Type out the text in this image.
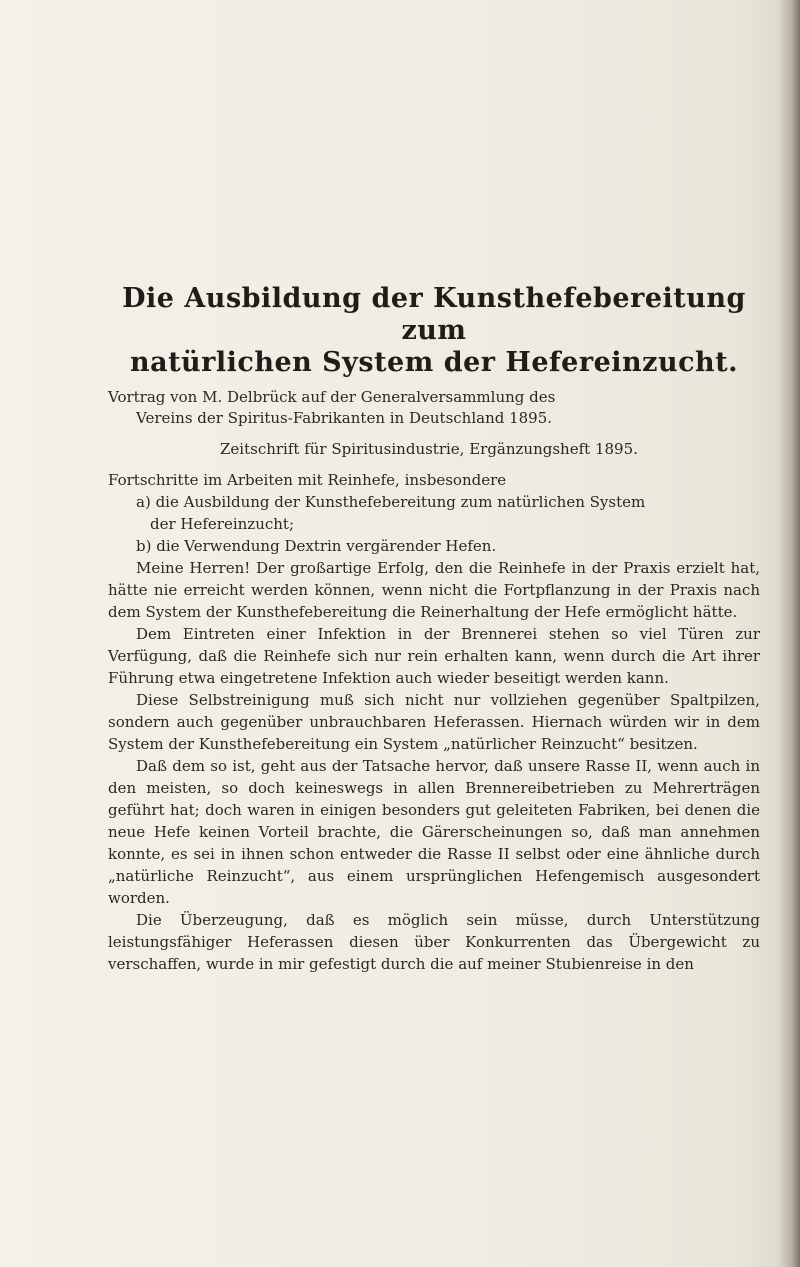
Die Ausbildung der Kunsthefebereitung zum
natürlichen System der Hefereinzucht.
Vortrag von M. Delbrück auf der Generalversammlung des
Vereins der Spiritus-Fabrikanten in Deutschland 1895.
Zeitschrift für Spiritusindustrie, Ergänzungsheft 1895.
Fortschritte im Arbeiten mit Reinhefe, insbesondere
a) die Ausbildung der Kunsthefebereitung zum natürlichen System
der Hefereinzucht;
b) die Verwendung Dextrin vergärender Hefen.

Meine Herren! Der großartige Erfolg, den die Reinhefe in der Praxis erzielt hat, hätte nie erreicht werden können, wenn nicht die Fortpflanzung in der Praxis nach dem System der Kunsthefebereitung die Reinerhaltung der Hefe ermöglicht hätte.

Dem Eintreten einer Infektion in der Brennerei stehen so viel Türen zur Verfügung, daß die Reinhefe sich nur rein erhalten kann, wenn durch die Art ihrer Führung etwa eingetretene Infektion auch wieder beseitigt werden kann.

Diese Selbstreinigung muß sich nicht nur vollziehen gegenüber Spaltpilzen, sondern auch gegenüber unbrauchbaren Heferassen. Hiernach würden wir in dem System der Kunsthefebereitung ein System „natürlicher Reinzucht“ besitzen.

Daß dem so ist, geht aus der Tatsache hervor, daß unsere Rasse II, wenn auch in den meisten, so doch keineswegs in allen Brennereibetrieben zu Mehrerträgen geführt hat; doch waren in einigen besonders gut geleiteten Fabriken, bei denen die neue Hefe keinen Vorteil brachte, die Gärerscheinungen so, daß man annehmen konnte, es sei in ihnen schon entweder die Rasse II selbst oder eine ähnliche durch „natürliche Reinzucht“, aus einem ursprünglichen Hefengemisch ausgesondert worden.

Die Überzeugung, daß es möglich sein müsse, durch Unterstützung leistungsfähiger Heferassen diesen über Konkurrenten das Übergewicht zu verschaffen, wurde in mir gefestigt durch die auf meiner Stubienreise in den
